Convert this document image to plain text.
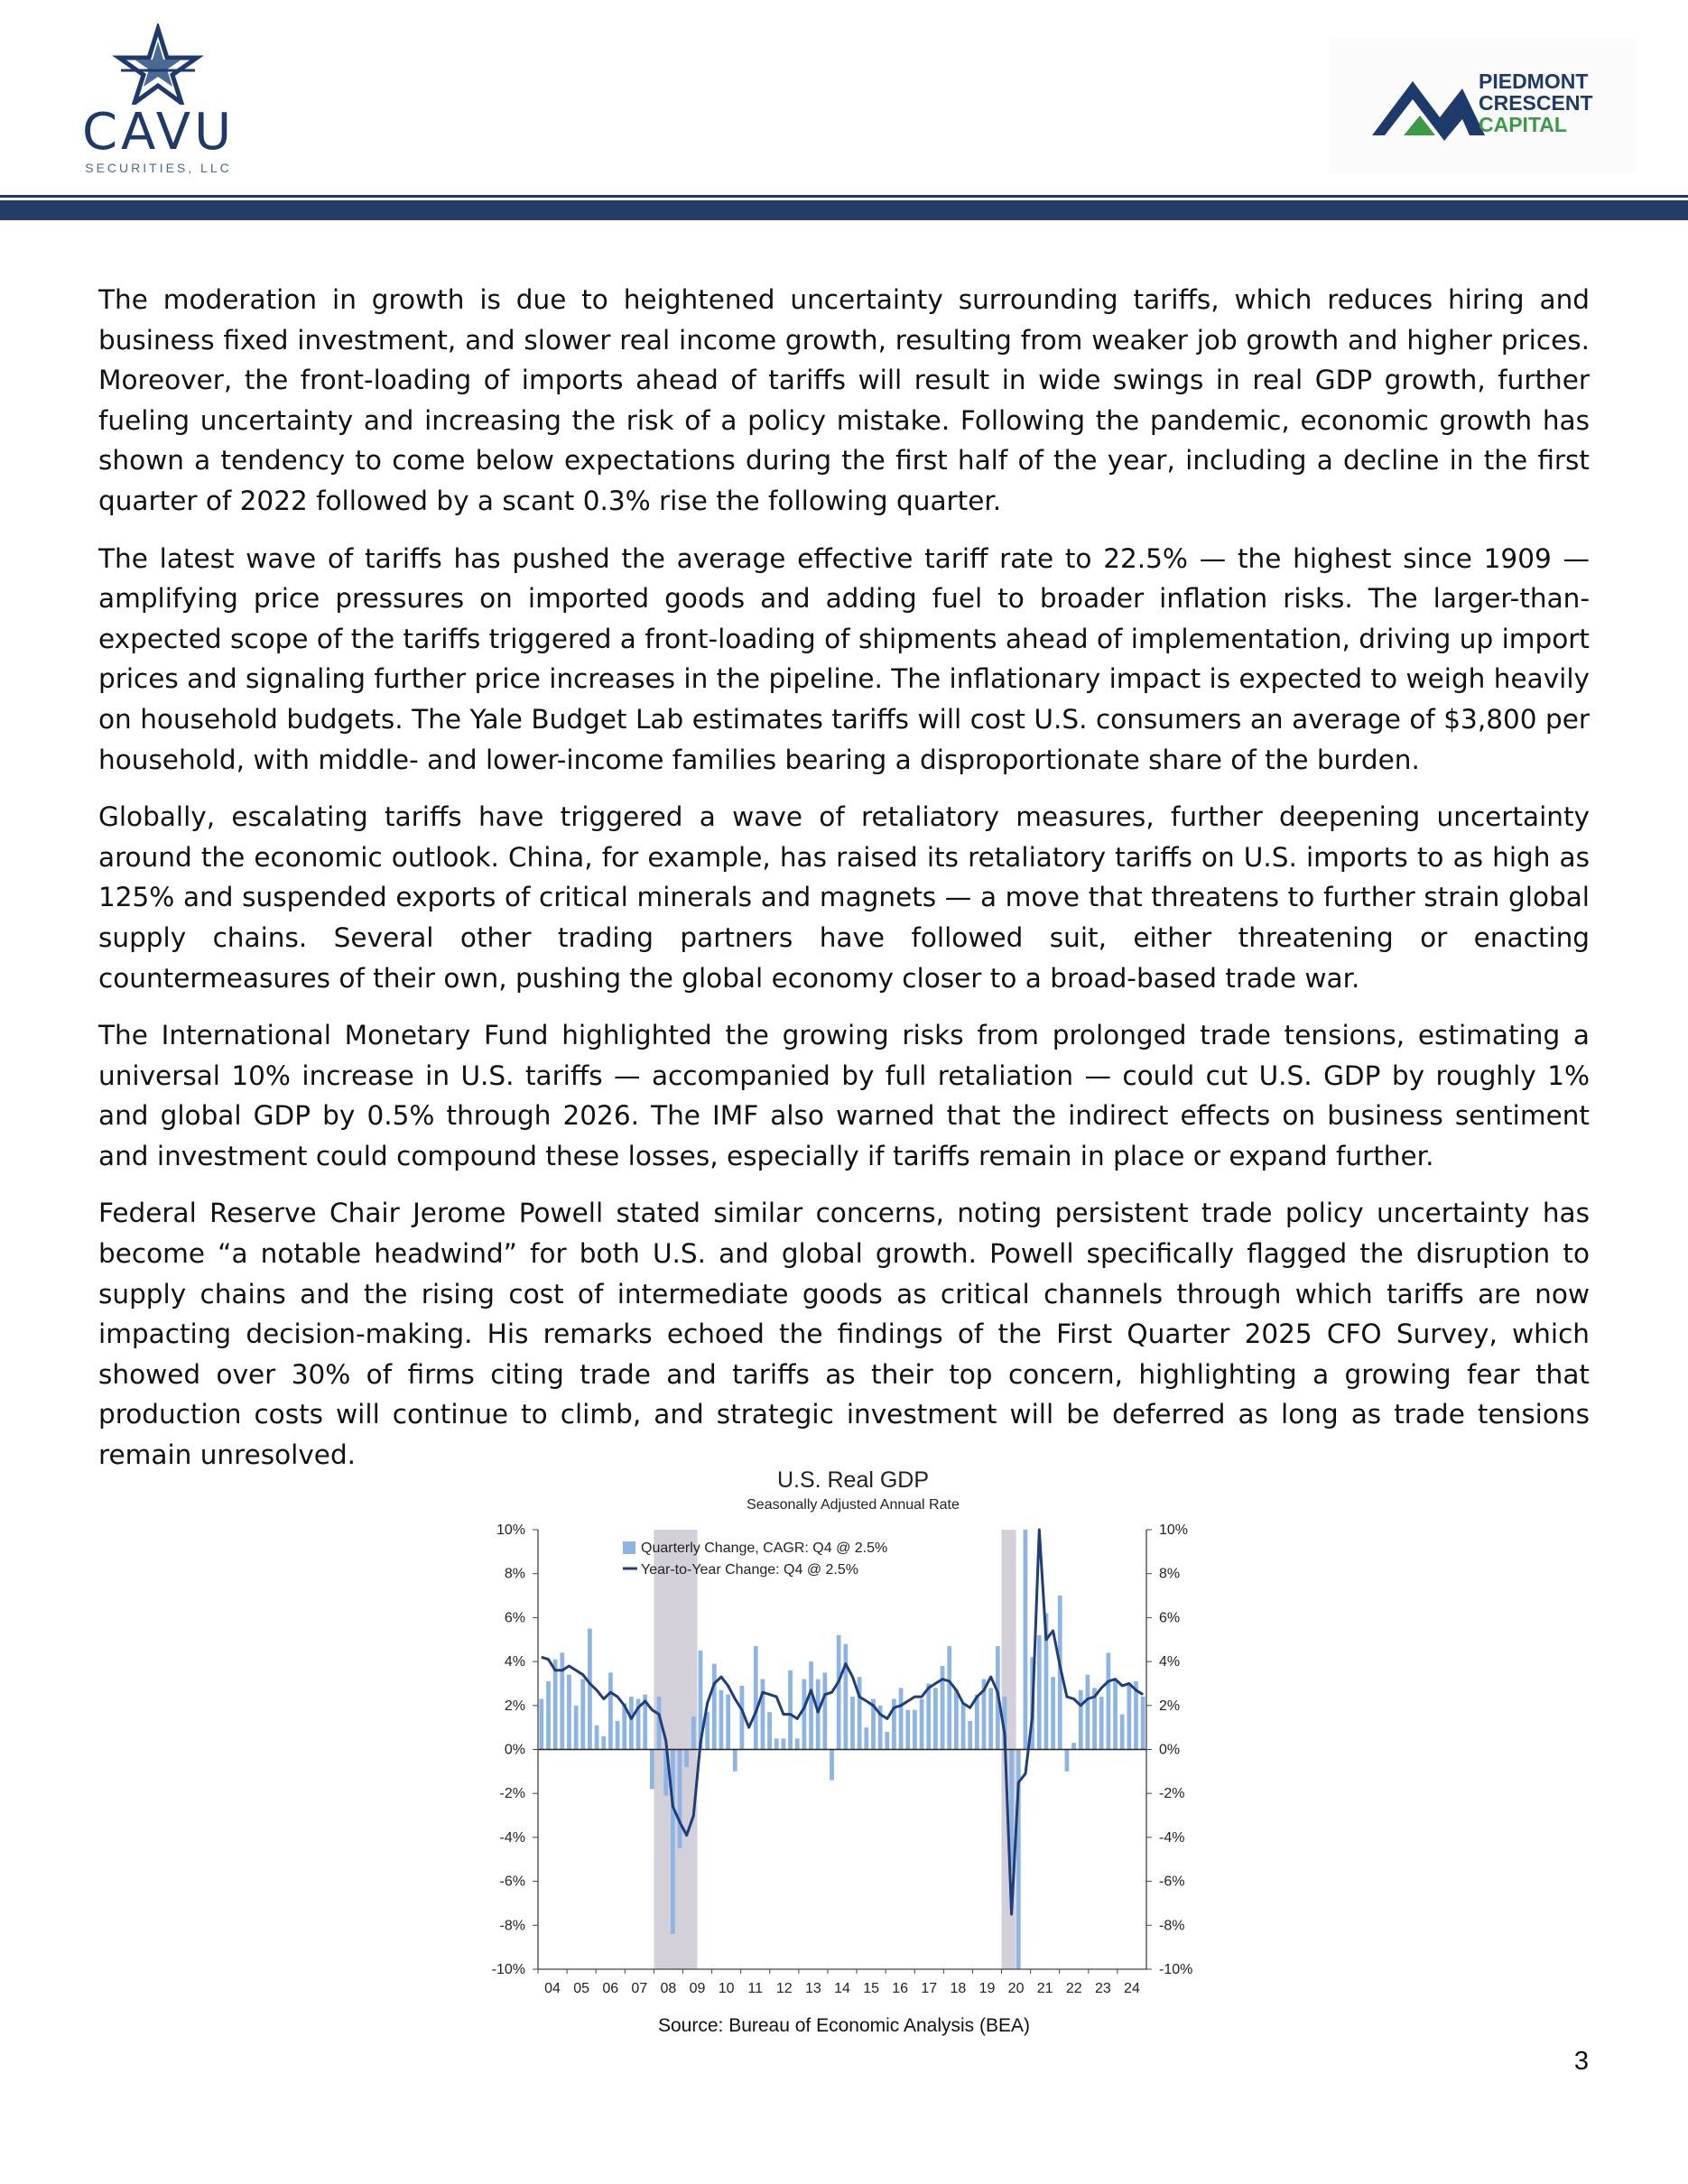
CAVU
SECURITIES, LLC
PIEDMONT
CRESCENT
CAPITAL

The moderation in growth is due to heightened uncertainty surrounding tariffs, which reduces hiring and business fixed investment, and slower real income growth, resulting from weaker job growth and higher prices. Moreover, the front-loading of imports ahead of tariffs will result in wide swings in real GDP growth, further fueling uncertainty and increasing the risk of a policy mistake. Following the pandemic, economic growth has shown a tendency to come below expectations during the first half of the year, including a decline in the first quarter of 2022 followed by a scant 0.3% rise the following quarter.

The latest wave of tariffs has pushed the average effective tariff rate to 22.5% — the highest since 1909 — amplifying price pressures on imported goods and adding fuel to broader inflation risks. The larger-than-expected scope of the tariffs triggered a front-loading of shipments ahead of implementation, driving up import prices and signaling further price increases in the pipeline. The inflationary impact is expected to weigh heavily on household budgets. The Yale Budget Lab estimates tariffs will cost U.S. consumers an average of $3,800 per household, with middle- and lower-income families bearing a disproportionate share of the burden.

Globally, escalating tariffs have triggered a wave of retaliatory measures, further deepening uncertainty around the economic outlook. China, for example, has raised its retaliatory tariffs on U.S. imports to as high as 125% and suspended exports of critical minerals and magnets — a move that threatens to further strain global supply chains. Several other trading partners have followed suit, either threatening or enacting countermeasures of their own, pushing the global economy closer to a broad-based trade war.

The International Monetary Fund highlighted the growing risks from prolonged trade tensions, estimating a universal 10% increase in U.S. tariffs — accompanied by full retaliation — could cut U.S. GDP by roughly 1% and global GDP by 0.5% through 2026. The IMF also warned that the indirect effects on business sentiment and investment could compound these losses, especially if tariffs remain in place or expand further.

Federal Reserve Chair Jerome Powell stated similar concerns, noting persistent trade policy uncertainty has become “a notable headwind” for both U.S. and global growth. Powell specifically flagged the disruption to supply chains and the rising cost of intermediate goods as critical channels through which tariffs are now impacting decision-making. His remarks echoed the findings of the First Quarter 2025 CFO Survey, which showed over 30% of firms citing trade and tariffs as their top concern, highlighting a growing fear that production costs will continue to climb, and strategic investment will be deferred as long as trade tensions remain unresolved.

U.S. Real GDP
Seasonally Adjusted Annual Rate
10%	10%
8%	8%
6%	6%
4%	4%
2%	2%
0%	0%
-2%	-2%
-4%	-4%
-6%	-6%
-8%	-8%
-10%	-10%
04 05 06 07 08 09 10 11 12 13 14 15 16 17 18 19 20 21 22 23 24
Quarterly Change, CAGR: Q4 @ 2.5%
Year-to-Year Change: Q4 @ 2.5%
Source: Bureau of Economic Analysis (BEA)
3
